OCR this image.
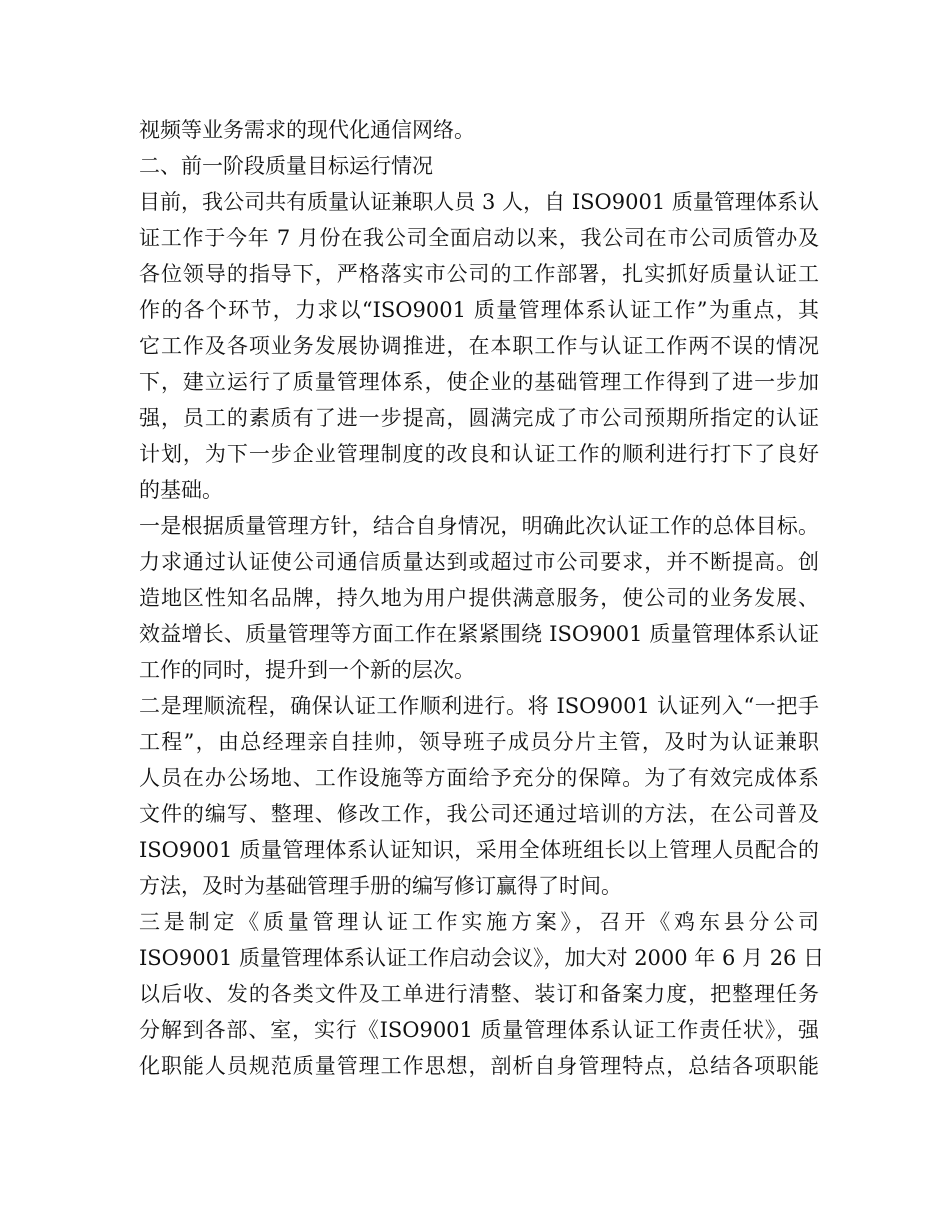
视频等业务需求的现代化通信网络。
二、前一阶段质量目标运行情况
目前，我公司共有质量认证兼职人员 3 人，自 ISO9001 质量管理体系认
证工作于今年 7 月份在我公司全面启动以来，我公司在市公司质管办及
各位领导的指导下，严格落实市公司的工作部署，扎实抓好质量认证工
作的各个环节，力求以“ISO9001 质量管理体系认证工作”为重点，其
它工作及各项业务发展协调推进，在本职工作与认证工作两不误的情况
下，建立运行了质量管理体系，使企业的基础管理工作得到了进一步加
强，员工的素质有了进一步提高，圆满完成了市公司预期所指定的认证
计划，为下一步企业管理制度的改良和认证工作的顺利进行打下了良好
的基础。
一是根据质量管理方针，结合自身情况，明确此次认证工作的总体目标。
力求通过认证使公司通信质量达到或超过市公司要求，并不断提高。创
造地区性知名品牌，持久地为用户提供满意服务，使公司的业务发展、
效益增长、质量管理等方面工作在紧紧围绕 ISO9001 质量管理体系认证
工作的同时，提升到一个新的层次。
二是理顺流程，确保认证工作顺利进行。将 ISO9001 认证列入“一把手
工程”，由总经理亲自挂帅，领导班子成员分片主管，及时为认证兼职
人员在办公场地、工作设施等方面给予充分的保障。为了有效完成体系
文件的编写、整理、修改工作，我公司还通过培训的方法，在公司普及
ISO9001 质量管理体系认证知识，采用全体班组长以上管理人员配合的
方法，及时为基础管理手册的编写修订赢得了时间。
三是制定《质量管理认证工作实施方案》，召开《鸡东县分公司
ISO9001 质量管理体系认证工作启动会议》，加大对 2000 年 6 月 26 日
以后收、发的各类文件及工单进行清整、装订和备案力度，把整理任务
分解到各部、室，实行《ISO9001 质量管理体系认证工作责任状》，强
化职能人员规范质量管理工作思想，剖析自身管理特点，总结各项职能
